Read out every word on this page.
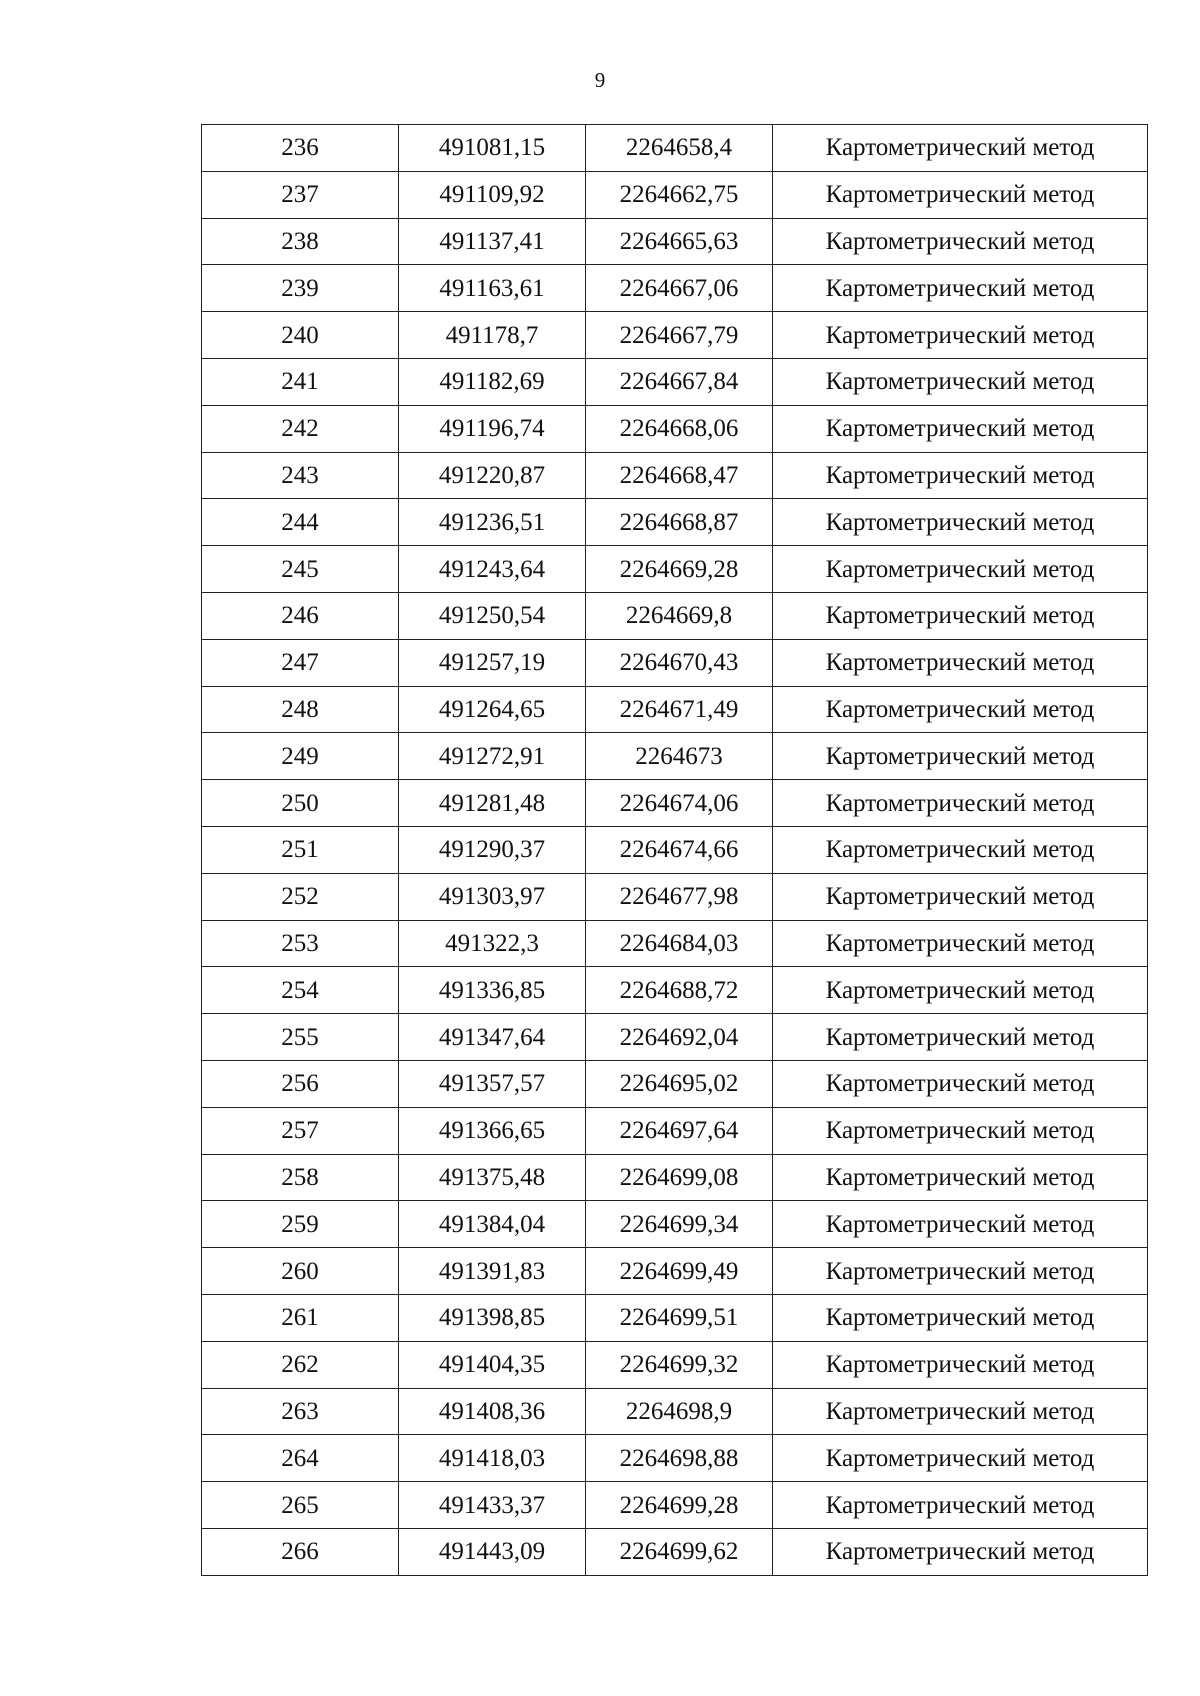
9
236	491081,15	2264658,4	Картометрический метод
237	491109,92	2264662,75	Картометрический метод
238	491137,41	2264665,63	Картометрический метод
239	491163,61	2264667,06	Картометрический метод
240	491178,7	2264667,79	Картометрический метод
241	491182,69	2264667,84	Картометрический метод
242	491196,74	2264668,06	Картометрический метод
243	491220,87	2264668,47	Картометрический метод
244	491236,51	2264668,87	Картометрический метод
245	491243,64	2264669,28	Картометрический метод
246	491250,54	2264669,8	Картометрический метод
247	491257,19	2264670,43	Картометрический метод
248	491264,65	2264671,49	Картометрический метод
249	491272,91	2264673	Картометрический метод
250	491281,48	2264674,06	Картометрический метод
251	491290,37	2264674,66	Картометрический метод
252	491303,97	2264677,98	Картометрический метод
253	491322,3	2264684,03	Картометрический метод
254	491336,85	2264688,72	Картометрический метод
255	491347,64	2264692,04	Картометрический метод
256	491357,57	2264695,02	Картометрический метод
257	491366,65	2264697,64	Картометрический метод
258	491375,48	2264699,08	Картометрический метод
259	491384,04	2264699,34	Картометрический метод
260	491391,83	2264699,49	Картометрический метод
261	491398,85	2264699,51	Картометрический метод
262	491404,35	2264699,32	Картометрический метод
263	491408,36	2264698,9	Картометрический метод
264	491418,03	2264698,88	Картометрический метод
265	491433,37	2264699,28	Картометрический метод
266	491443,09	2264699,62	Картометрический метод
